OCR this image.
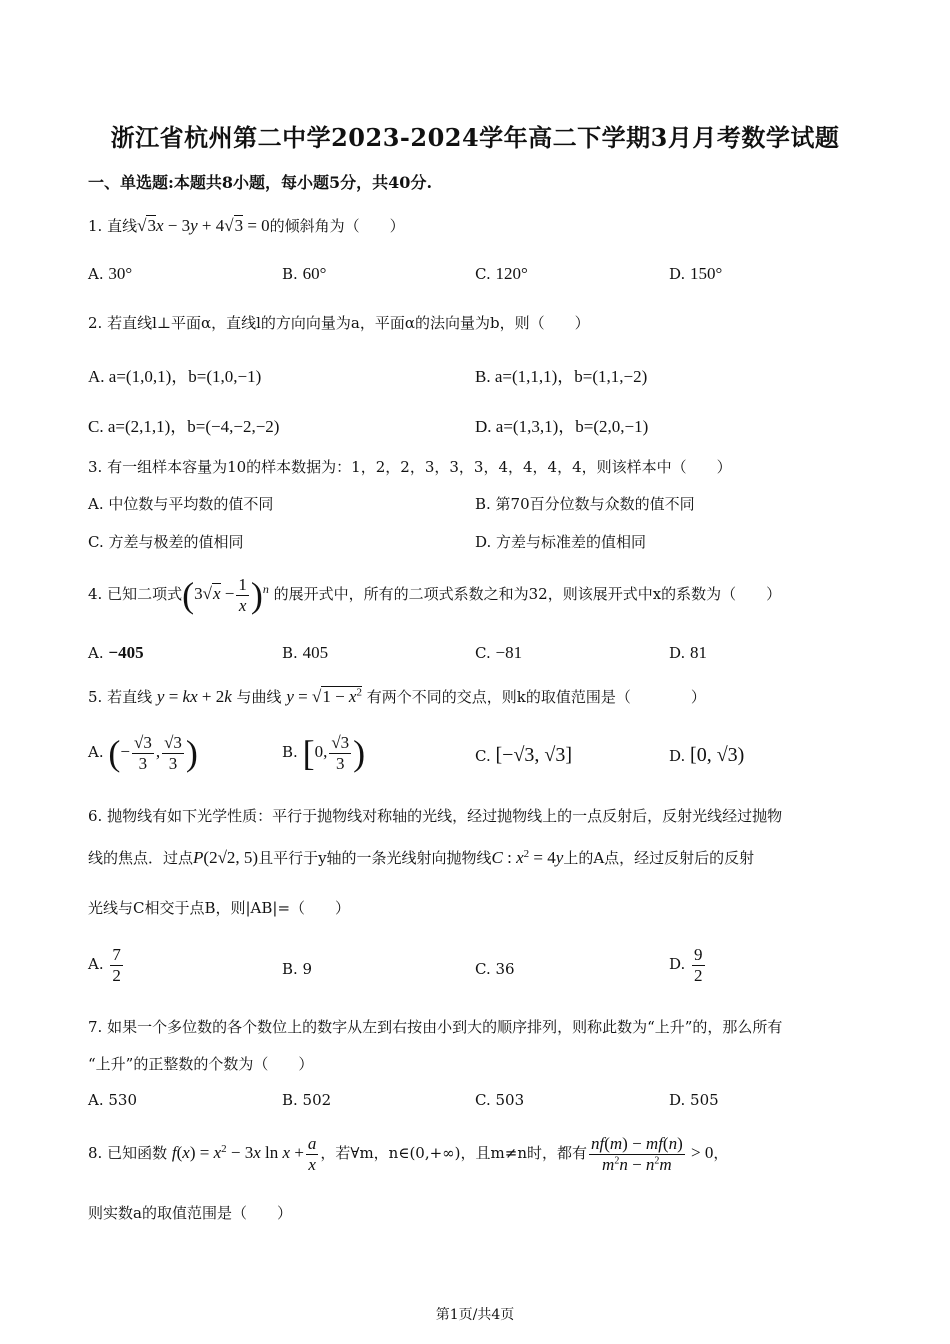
浙江省杭州第二中学2023-2024学年高二下学期3月月考数学试题
一、单选题:本题共8小题，每小题5分，共40分.
1. 直线√3x − 3y + 4√3 = 0的倾斜角为（　　）
A. 30°	B. 60°	C. 120°	D. 150°
2. 若直线l⊥平面α，直线l的方向向量为a，平面α的法向量为b，则（　　）
A. a=(1,0,1)，b=(1,0,−1)	B. a=(1,1,1)，b=(1,1,−2)
C. a=(2,1,1)，b=(−4,−2,−2)	D. a=(1,3,1)，b=(2,0,−1)
3. 有一组样本容量为10的样本数据为：1，2，2，3，3，3，4，4，4，4，则该样本中（　　）
A. 中位数与平均数的值不同	B. 第70百分位数与众数的值不同
C. 方差与极差的值相同	D. 方差与标准差的值相同
4. 已知二项式$(3√x - \frac{1}{x} )^n$ 的展开式中，所有的二项式系数之和为32，则该展开式中x的系数为（　　）
A. −405	B. 405	C. −81	D. 81
5. 若直线 y = kx + 2k 与曲线 $y = √1 - x^2$ 有两个不同的交点，则k的取值范围是（　　　　）
A. (− $\frac{√3}{3}$ , $\frac{√3}{3}$ )	B. [0, $\frac{√3}{3}$ )	C. [−√3, √3]	D. [0, √3)
6. 抛物线有如下光学性质：平行于抛物线对称轴的光线，经过抛物线上的一点反射后，反射光线经过抛物
线的焦点．过点P(2√2, 5)且平行于y轴的一条光线射向抛物线C : $x^2 = 4y$上的A点，经过反射后的反射
光线与C相交于点B，则|AB|=（　　）
A. $\frac{7}{2}$	B. 9	C. 36	D. $\frac{9}{2}$
7. 如果一个多位数的各个数位上的数字从左到右按由小到大的顺序排列，则称此数为“上升”的，那么所有
“上升”的正整数的个数为（　　）
A. 530	B. 502	C. 503	D. 505
8. 已知函数 $f(x) = x^2 - 3x$ $\ln x + \frac{a}{x}$ ，若∀m，n∈(0,+∞)，且m≠n时，都有 $\frac{nf(m) - mf(n)}{m^2n - n^2m} > 0$，
则实数a的取值范围是（　　）
第1页/共4页
